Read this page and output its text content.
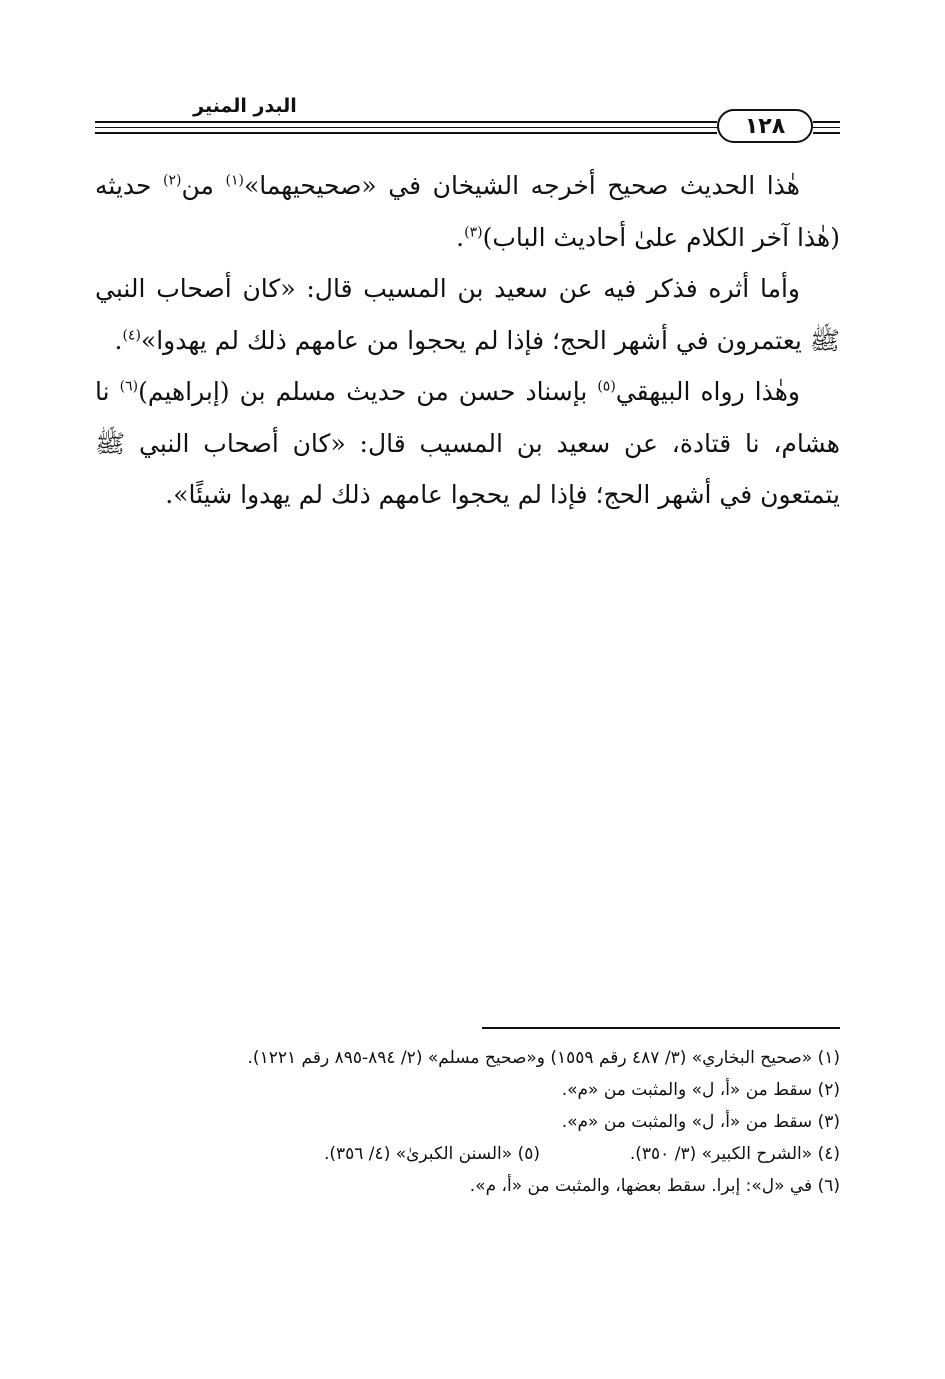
البدر المنير
١٢٨

هٰذا الحديث صحيح أخرجه الشيخان في «صحيحيهما»$^{(١)}$ من$^{(٢)}$ حديثه (هٰذا آخر الكلام علىٰ أحاديث الباب)$^{(٣)}$.

وأما أثره فذكر فيه عن سعيد بن المسيب قال: «كان أصحاب النبي ﷺ يعتمرون في أشهر الحج؛ فإذا لم يحجوا من عامهم ذلك لم يهدوا»$^{(٤)}$.

وهٰذا رواه البيهقي$^{(٥)}$ بإسناد حسن من حديث مسلم بن (إبراهيم)$^{(٦)}$ نا هشام، نا قتادة، عن سعيد بن المسيب قال: «كان أصحاب النبي ﷺ يتمتعون في أشهر الحج؛ فإذا لم يحجوا عامهم ذلك لم يهدوا شيئًا».

(١) «صحيح البخاري» (٣/ ٤٨٧ رقم ١٥٥٩) و«صحيح مسلم» (٢/ ٨٩٤-٨٩٥ رقم ١٢٢١).

(٢) سقط من «أ، ل» والمثبت من «م».

(٣) سقط من «أ، ل» والمثبت من «م».

(٤) «الشرح الكبير» (٣/ ٣٥٠).

(٥) «السنن الكبرىٰ» (٤/ ٣٥٦).

(٦) في «ل»: إبرا. سقط بعضها، والمثبت من «أ، م».
